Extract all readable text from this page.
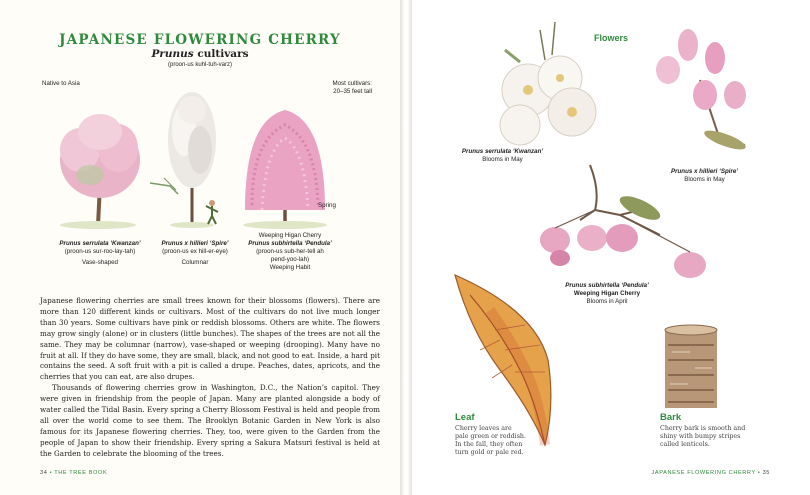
JAPANESE FLOWERING CHERRY
Prunus cultivars
(proon-us kuhl-tuh-varz)
Native to Asia	Most cultivars:
20–35 feet tall
Spring
Prunus serrulata ‘Kwanzan’
(proon-us sur-roo-lay-tah)
Vase-shaped
Prunus x hillieri ‘Spire’
(proon-us ex hill-er-eye)
Columnar
Weeping Higan Cherry
Prunus subhirtella ‘Pendula’
(proon-us sub-her-tell ah
pend-yoo-lah)
Weeping Habit

Japanese flowering cherries are small trees known for their blossoms (flowers). There are more than 120 different kinds or cultivars. Most of the cultivars do not live much longer than 30 years. Some cultivars have pink or reddish blossoms. Others are white. The flowers may grow singly (alone) or in clusters (little bunches). The shapes of the trees are not all the same. They may be columnar (narrow), vase-shaped or weeping (drooping). Many have no fruit at all. If they do have some, they are small, black, and not good to eat. Inside, a hard pit contains the seed. A soft fruit with a pit is called a drupe. Peaches, dates, apricots, and the cherries that you can eat, are also drupes.

Thousands of flowering cherries grow in Washington, D.C., the Nation’s capitol. They were given in friendship from the people of Japan. Many are planted alongside a body of water called the Tidal Basin. Every spring a Cherry Blossom Festival is held and people from all over the world come to see them. The Brooklyn Botanic Garden in New York is also famous for its Japanese flowering cherries. They, too, were given to the Garden from the people of Japan to show their friendship. Every spring a Sakura Matsuri festival is held at the Garden to celebrate the blooming of the trees.

34 • THE TREE BOOK
Flowers
Prunus serrulata ‘Kwanzan’
Blooms in May
Prunus x hillieri ‘Spire’
Blooms in May
Prunus subhirtella ‘Pendula’
Weeping Higan Cherry
Blooms in April
Leaf
Cherry leaves are
pale green or reddish.
In the fall, they often
turn gold or pale red.
Bark
Cherry bark is smooth and
shiny with bumpy stripes
called lenticels.
JAPANESE FLOWERING CHERRY • 35
